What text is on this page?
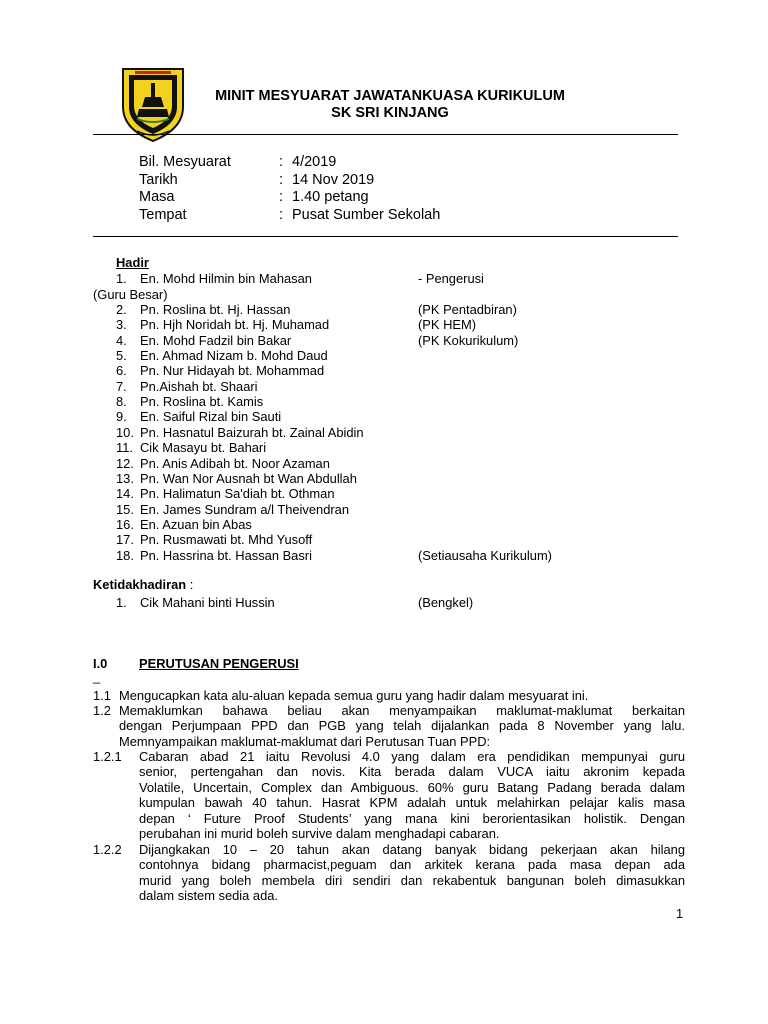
MINIT MESYUARAT JAWATANKUASA KURIKULUM
SK SRI KINJANG
Bil. Mesyuarat	: 4/2019
Tarikh	: 14 Nov 2019
Masa	: 1.40 petang
Tempat	: Pusat Sumber Sekolah
Hadir
1. En. Mohd Hilmin bin Mahasan	- Pengerusi
(Guru Besar)
2. Pn. Roslina bt. Hj. Hassan	(PK Pentadbiran)
3. Pn. Hjh Noridah bt. Hj. Muhamad	(PK HEM)
4. En. Mohd Fadzil bin Bakar	(PK Kokurikulum)
5. En. Ahmad Nizam b. Mohd Daud
6. Pn. Nur Hidayah bt. Mohammad
7. Pn.Aishah bt. Shaari
8. Pn. Roslina bt. Kamis
9. En. Saiful Rizal bin Sauti
10. Pn. Hasnatul Baizurah bt. Zainal Abidin
11. Cik Masayu bt. Bahari
12. Pn. Anis Adibah bt. Noor Azaman
13. Pn. Wan Nor Ausnah bt Wan Abdullah
14. Pn. Halimatun Sa'diah bt. Othman
15. En. James Sundram a/l Theivendran
16. En. Azuan bin Abas
17. Pn. Rusmawati bt. Mhd Yusoff
18. Pn. Hassrina bt. Hassan Basri	(Setiausaha Kurikulum)
Ketidakhadiran :
1. Cik Mahani binti Hussin	(Bengkel)
I.0 PERUTUSAN PENGERUSI
_
1.1 Mengucapkan kata alu-aluan kepada semua guru yang hadir dalam mesyuarat ini.
1.2 Memaklumkan bahawa beliau akan menyampaikan maklumat-maklumat berkaitan
dengan Perjumpaan PPD dan PGB yang telah dijalankan pada 8 November yang lalu.
Memnyampaikan maklumat-maklumat dari Perutusan Tuan PPD:
1.2.1 Cabaran abad 21 iaitu Revolusi 4.0 yang dalam era pendidikan mempunyai guru
senior, pertengahan dan novis. Kita berada dalam VUCA iaitu akronim kepada
Volatile, Uncertain, Complex dan Ambiguous. 60% guru Batang Padang berada dalam
kumpulan bawah 40 tahun. Hasrat KPM adalah untuk melahirkan pelajar kalis masa
depan ‘ Future Proof Students’ yang mana kini berorientasikan holistik. Dengan
perubahan ini murid boleh survive dalam menghadapi cabaran.
1.2.2 Dijangkakan 10 – 20 tahun akan datang banyak bidang pekerjaan akan hilang
contohnya bidang pharmacist,peguam dan arkitek kerana pada masa depan ada
murid yang boleh membela diri sendiri dan rekabentuk bangunan boleh dimasukkan
dalam sistem sedia ada.
1
